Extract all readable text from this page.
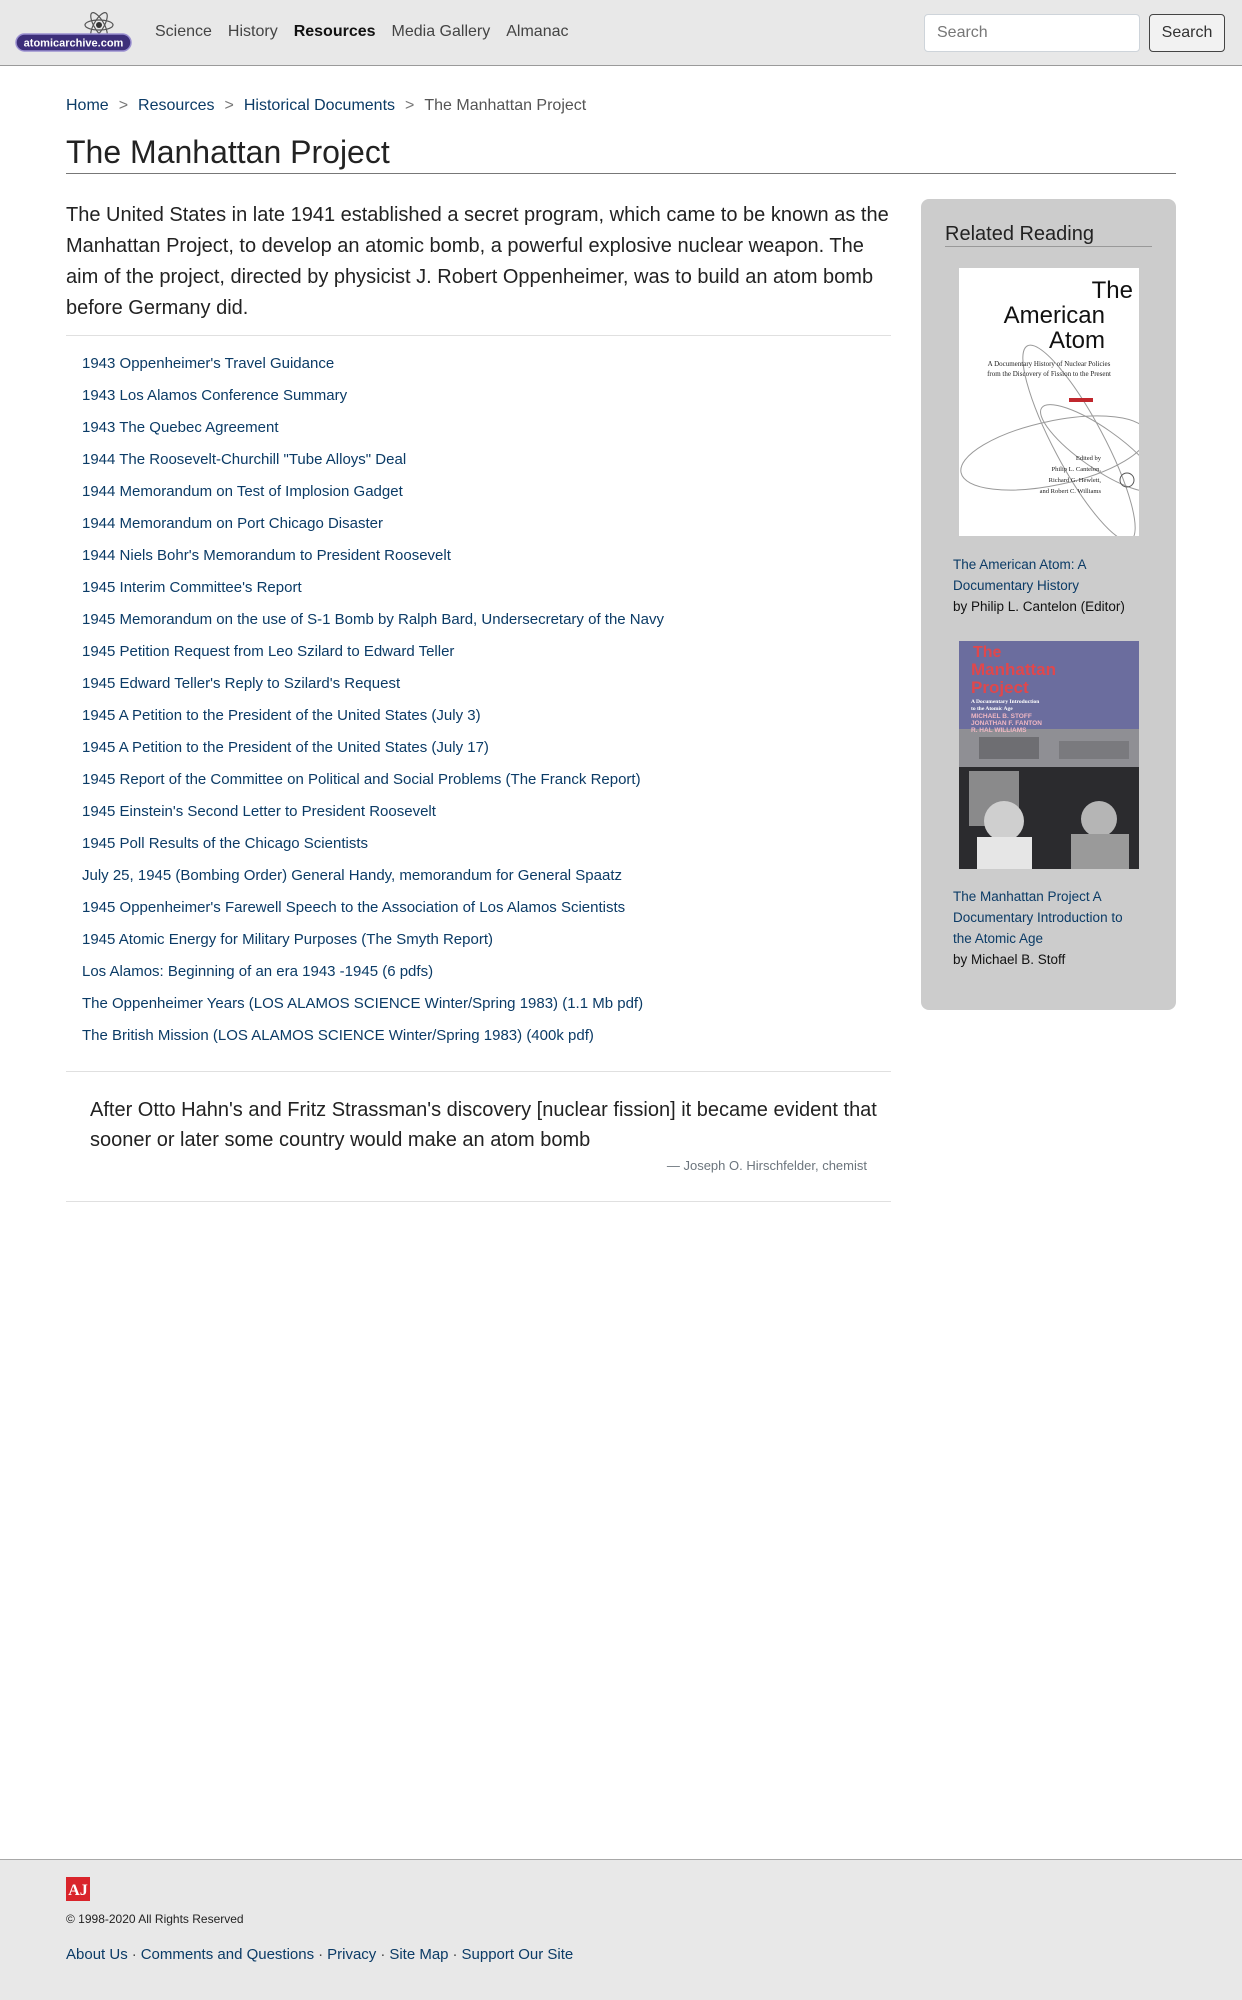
atomicarchive.com
Science History Resources Media Gallery Almanac
Search	Search
Home > Resources > Historical Documents > The Manhattan Project
The Manhattan Project

The United States in late 1941 established a secret program, which came to be known as the Manhattan Project, to develop an atomic bomb, a powerful explosive nuclear weapon. The aim of the project, directed by physicist J. Robert Oppenheimer, was to build an atom bomb before Germany did.

1943 Oppenheimer's Travel Guidance
1943 Los Alamos Conference Summary
1943 The Quebec Agreement
1944 The Roosevelt-Churchill "Tube Alloys" Deal
1944 Memorandum on Test of Implosion Gadget
1944 Memorandum on Port Chicago Disaster
1944 Niels Bohr's Memorandum to President Roosevelt
1945 Interim Committee's Report
1945 Memorandum on the use of S-1 Bomb by Ralph Bard, Undersecretary of the Navy
1945 Petition Request from Leo Szilard to Edward Teller
1945 Edward Teller's Reply to Szilard's Request
1945 A Petition to the President of the United States (July 3)
1945 A Petition to the President of the United States (July 17)
1945 Report of the Committee on Political and Social Problems (The Franck Report)
1945 Einstein's Second Letter to President Roosevelt
1945 Poll Results of the Chicago Scientists
July 25, 1945 (Bombing Order) General Handy, memorandum for General Spaatz
1945 Oppenheimer's Farewell Speech to the Association of Los Alamos Scientists
1945 Atomic Energy for Military Purposes (The Smyth Report)
Los Alamos: Beginning of an era 1943 -1945 (6 pdfs)
The Oppenheimer Years (LOS ALAMOS SCIENCE Winter/Spring 1983) (1.1 Mb pdf)
The British Mission (LOS ALAMOS SCIENCE Winter/Spring 1983) (400k pdf)
After Otto Hahn's and Fritz Strassman's discovery [nuclear fission] it became evident that sooner or later some country would make an atom bomb
— Joseph O. Hirschfelder, chemist
Related Reading
The
American
Atom
A Documentary History of Nuclear Policies
from the Discovery of Fission to the Present
Edited by
Philip L. Cantelon,
Richard G. Hewlett,
and Robert C. Williams
The American Atom: A
Documentary History
by Philip L. Cantelon (Editor)
The
Manhattan
Project
A Documentary Introduction
to the Atomic Age
MICHAEL B. STOFF
JONATHAN F. FANTON
R. HAL WILLIAMS
The Manhattan Project A
Documentary Introduction to
the Atomic Age
by Michael B. Stoff
AJ
© 1998-2020 All Rights Reserved
About Us · Comments and Questions · Privacy · Site Map · Support Our Site
